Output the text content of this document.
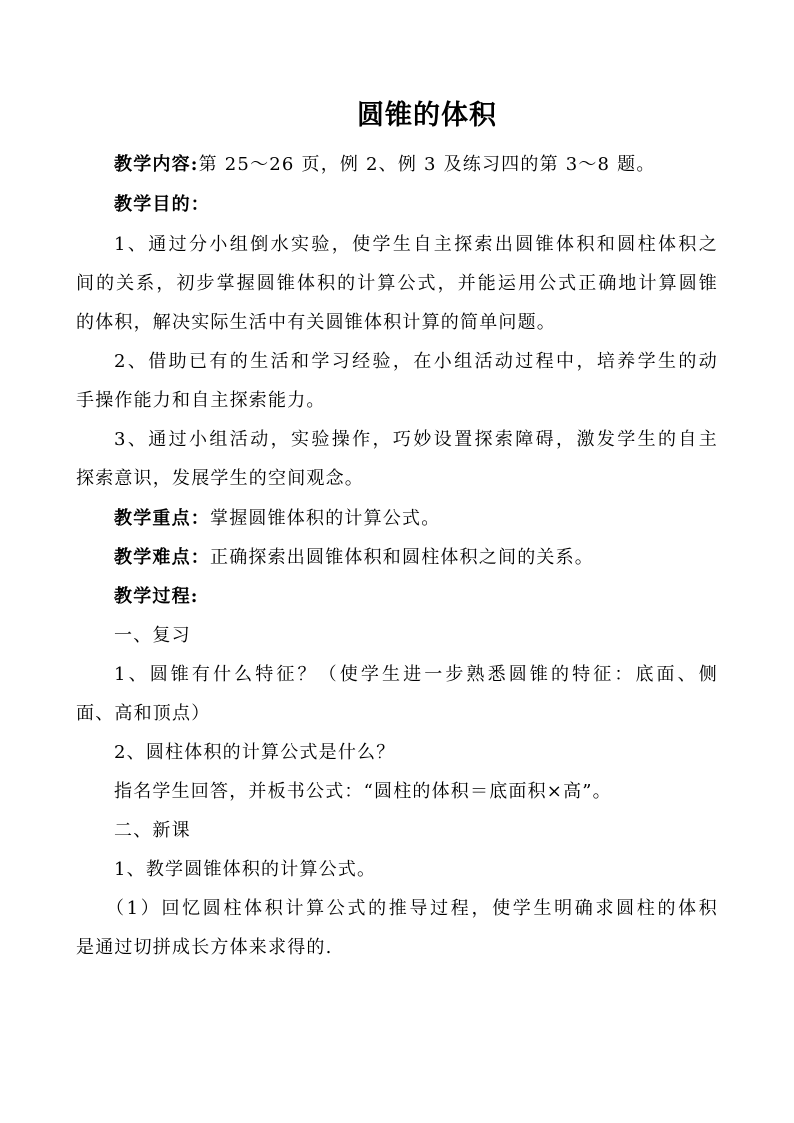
圆锥的体积
教学内容:第 25～26 页，例 2、例 3 及练习四的第 3～8 题。
教学目的：
1、通过分小组倒水实验，使学生自主探索出圆锥体积和圆柱体积之
间的关系，初步掌握圆锥体积的计算公式，并能运用公式正确地计算圆锥
的体积，解决实际生活中有关圆锥体积计算的简单问题。
2、借助已有的生活和学习经验，在小组活动过程中，培养学生的动
手操作能力和自主探索能力。
3、通过小组活动，实验操作，巧妙设置探索障碍，激发学生的自主
探索意识，发展学生的空间观念。
教学重点：掌握圆锥体积的计算公式。
教学难点：正确探索出圆锥体积和圆柱体积之间的关系。
教学过程:
一、复习
1、圆锥有什么特征？（使学生进一步熟悉圆锥的特征：底面、侧
面、高和顶点）
2、圆柱体积的计算公式是什么？
指名学生回答，并板书公式：“圆柱的体积＝底面积×高”。
二、新课
1、教学圆锥体积的计算公式。
（1）回忆圆柱体积计算公式的推导过程，使学生明确求圆柱的体积
是通过切拼成长方体来求得的.
